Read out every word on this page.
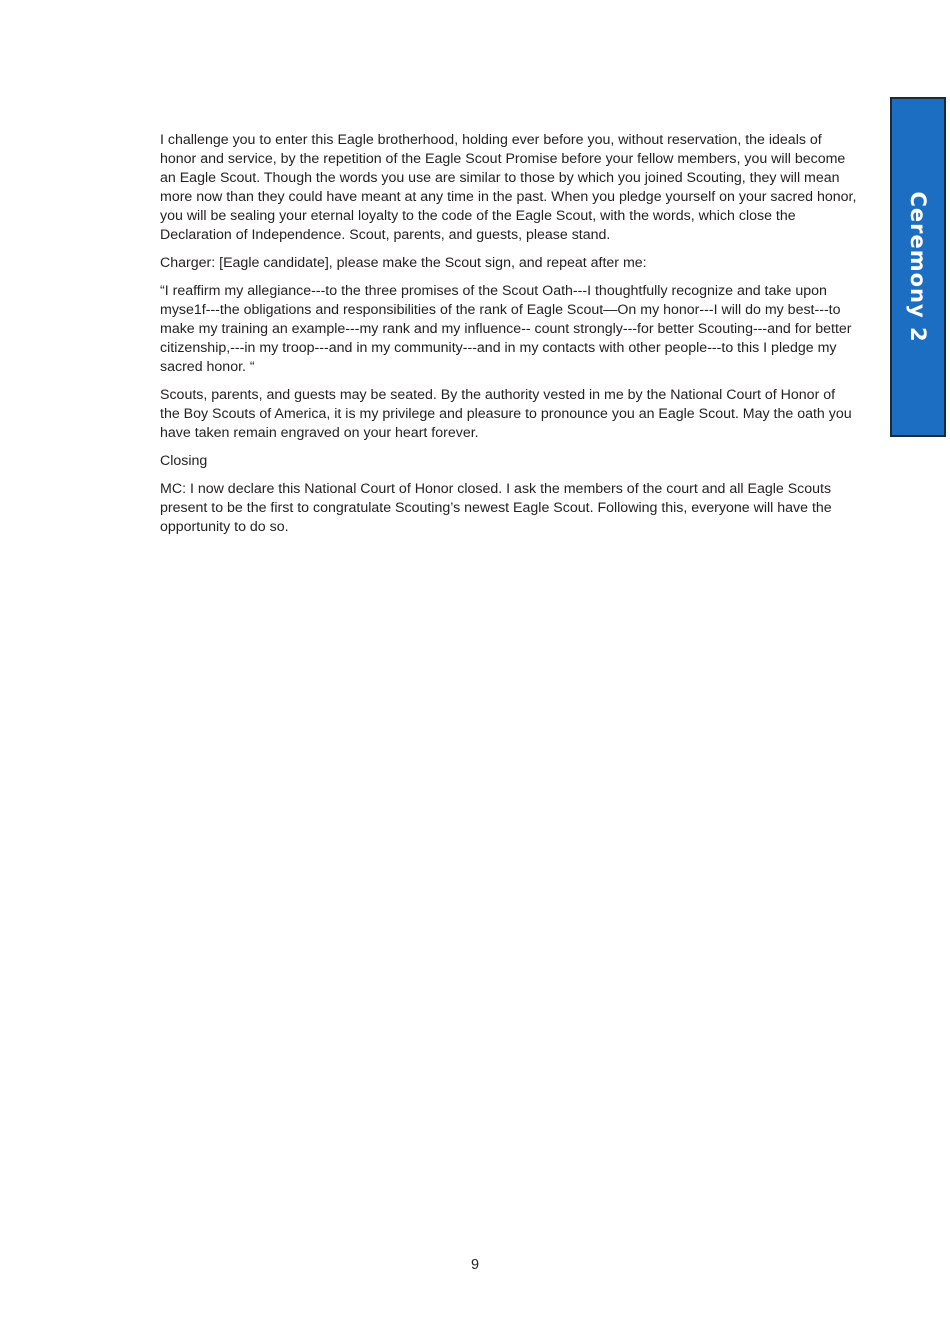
Ceremony 2

I challenge you to enter this Eagle brotherhood, holding ever before you, without reservation, the ideals of honor and service, by the repetition of the Eagle Scout Promise before your fellow members, you will become an Eagle Scout. Though the words you use are similar to those by which you joined Scouting, they will mean more now than they could have meant at any time in the past. When you pledge yourself on your sacred honor, you will be sealing your eternal loyalty to the code of the Eagle Scout, with the words, which close the Declaration of Independence. Scout, parents, and guests, please stand.

Charger: [Eagle candidate], please make the Scout sign, and repeat after me:

“I reaffirm my allegiance---to the three promises of the Scout Oath---I thoughtfully recognize and take upon myse1f---the obligations and responsibilities of the rank of Eagle Scout—On my honor---I will do my best---to make my training an example---my rank and my influence-- count strongly---for better Scouting---and for better citizenship,---in my troop---and in my community---and in my contacts with other people---to this I pledge my sacred honor. “

Scouts, parents, and guests may be seated. By the authority vested in me by the National Court of Honor of the Boy Scouts of America, it is my privilege and pleasure to pronounce you an Eagle Scout. May the oath you have taken remain engraved on your heart forever.

Closing

MC: I now declare this National Court of Honor closed. I ask the members of the court and all Eagle Scouts present to be the first to congratulate Scouting’s newest Eagle Scout. Following this, everyone will have the opportunity to do so.

9
